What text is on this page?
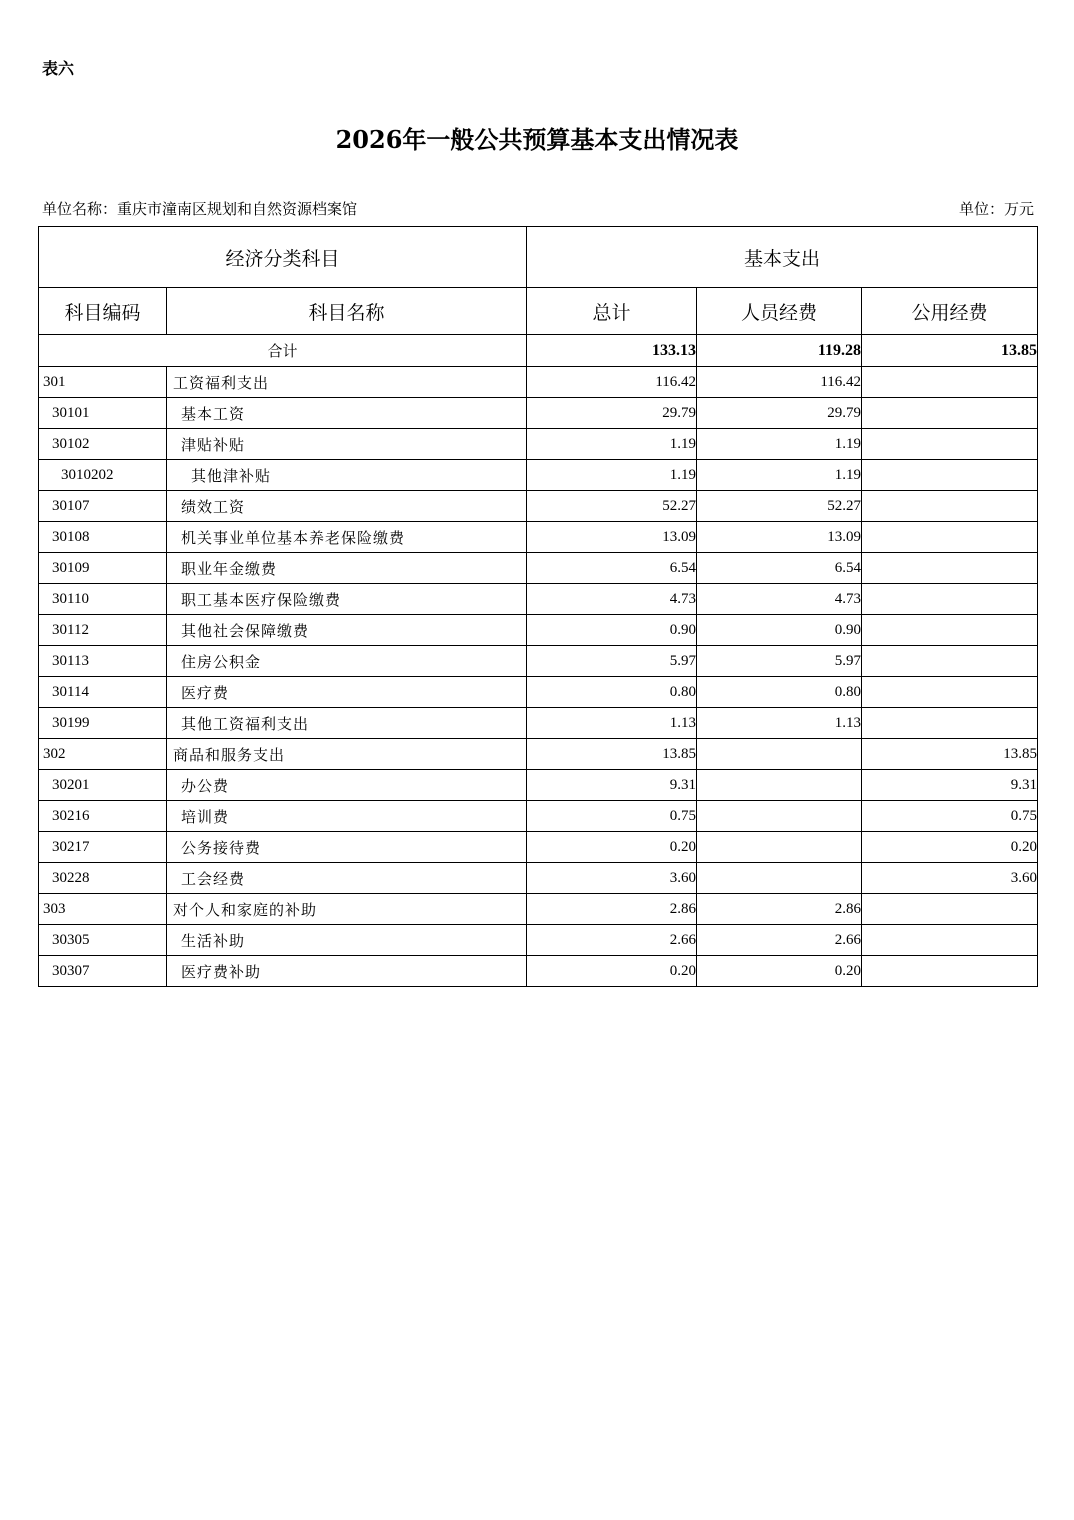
表六
2026年一般公共预算基本支出情况表
单位名称：重庆市潼南区规划和自然资源档案馆	单位：万元
经济分类科目		基本支出		
科目编码	科目名称	总计	人员经费	公用经费
合计		133.13	119.28	13.85
301	工资福利支出	116.42	116.42	
30101	基本工资	29.79	29.79	
30102	津贴补贴	1.19	1.19	
3010202	其他津补贴	1.19	1.19	
30107	绩效工资	52.27	52.27	
30108	机关事业单位基本养老保险缴费	13.09	13.09	
30109	职业年金缴费	6.54	6.54	
30110	职工基本医疗保险缴费	4.73	4.73	
30112	其他社会保障缴费	0.90	0.90	
30113	住房公积金	5.97	5.97	
30114	医疗费	0.80	0.80	
30199	其他工资福利支出	1.13	1.13	
302	商品和服务支出	13.85		13.85
30201	办公费	9.31		9.31
30216	培训费	0.75		0.75
30217	公务接待费	0.20		0.20
30228	工会经费	3.60		3.60
303	对个人和家庭的补助	2.86	2.86	
30305	生活补助	2.66	2.66	
30307	医疗费补助	0.20	0.20	
